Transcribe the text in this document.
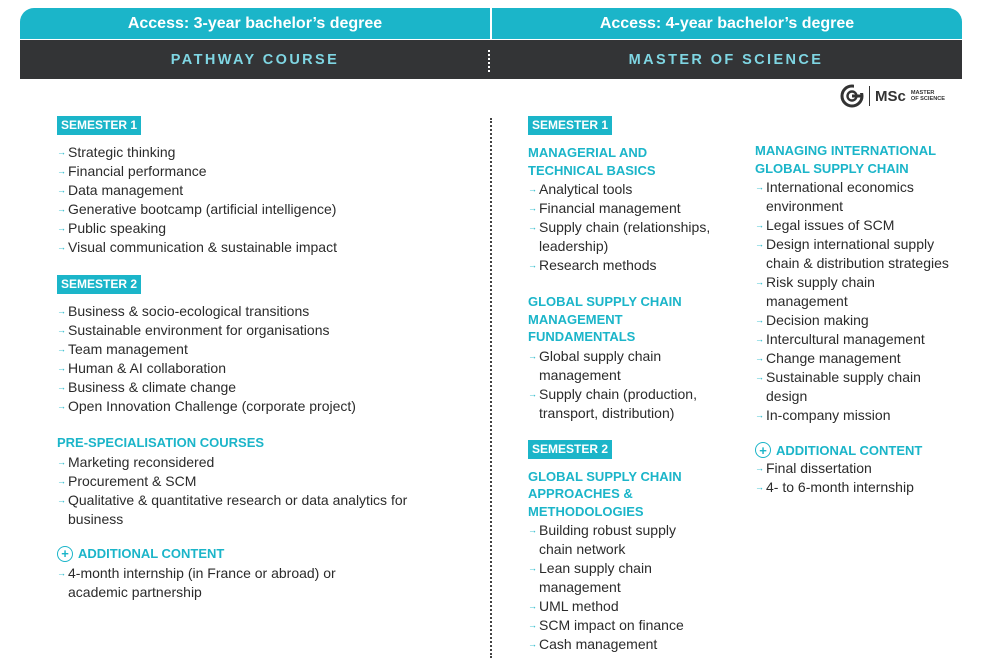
Access: 3-year bachelor’s degree	Access: 4-year bachelor’s degree
PATHWAY COURSE	MASTER OF SCIENCE
MSc MASTER
OF SCIENCE
SEMESTER 1
→ Strategic thinking
→ Financial performance
→ Data management
→ Generative bootcamp (artificial intelligence)
→ Public speaking
→ Visual communication & sustainable impact
SEMESTER 2
→ Business & socio-ecological transitions
→ Sustainable environment for organisations
→ Team management
→ Human & AI collaboration
→ Business & climate change
→ Open Innovation Challenge (corporate project)
PRE-SPECIALISATION COURSES
→ Marketing reconsidered
→ Procurement & SCM
→ Qualitative & quantitative research or data analytics for business
+ ADDITIONAL CONTENT
→ 4-month internship (in France or abroad) or academic partnership
SEMESTER 1
MANAGERIAL AND TECHNICAL BASICS
→ Analytical tools
→ Financial management
→ Supply chain (relationships, leadership)
→ Research methods
GLOBAL SUPPLY CHAIN MANAGEMENT FUNDAMENTALS
→ Global supply chain management
→ Supply chain (production, transport, distribution)
SEMESTER 2
GLOBAL SUPPLY CHAIN APPROACHES & METHODOLOGIES
→ Building robust supply chain network
→ Lean supply chain management
→ UML method
→ SCM impact on finance
→ Cash management
MANAGING INTERNATIONAL GLOBAL SUPPLY CHAIN
→ International economics environment
→ Legal issues of SCM
→ Design international supply chain & distribution strategies
→ Risk supply chain management
→ Decision making
→ Intercultural management
→ Change management
→ Sustainable supply chain design
→ In-company mission
+ ADDITIONAL CONTENT
→ Final dissertation
→ 4- to 6-month internship
